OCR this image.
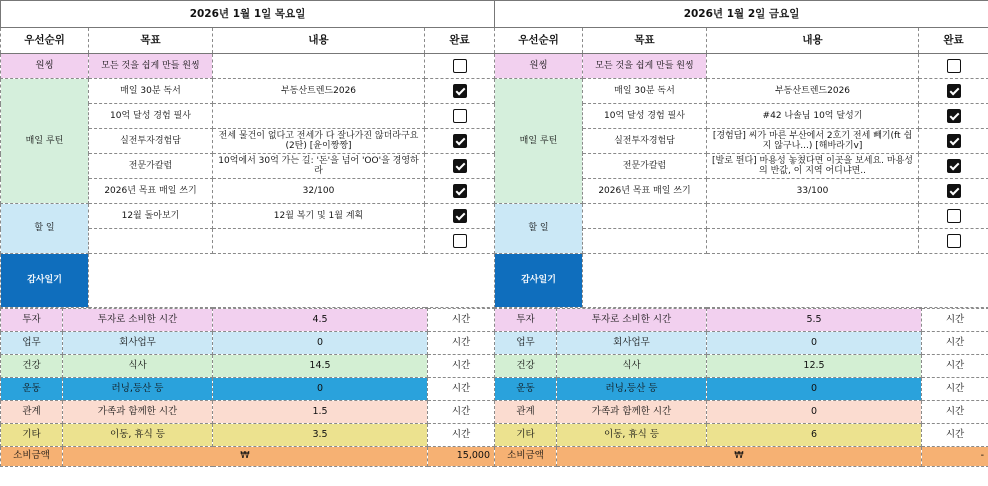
2026년 1월 1일 목요일			
우선순위	목표	내용	완료
원씽	모든 것을 쉽게 만들 원씽		
매일 루틴	매일 30분 독서	부동산트렌드2026	
	10억 달성 경험 필사		
	실전투자경험담	전세 물건이 없다고 전세가 다 잘나가진 않더라구요 (2탄) [윤이짱짱]	
	전문가칼럼	10억에서 30억 가는 길: '돈'을 넘어 'OO'을 경영하라	
	2026년 목표 매일 쓰기	32/100	
할 일	12월 돌아보기	12월 복기 및 1월 계획	

감사일기			
투자	투자로 소비한 시간	4.5	시간
업무	회사업무	0	시간
건강	식사	14.5	시간
운동	러닝,등산 등	0	시간
관계	가족과 함께한 시간	1.5	시간
기타	이동, 휴식 등	3.5	시간
소비금액	₩		15,000
2026년 1월 2일 금요일			
우선순위	목표	내용	완료
원씽	모든 것을 쉽게 만들 원씽		
매일 루틴	매일 30분 독서	부동산트렌드2026	
	10억 달성 경험 필사	#42 나솔님 10억 달성기	
	실전투자경험담	[경험담] 씨가 마른 부산에서 2호기 전세 빼기(ft 쉽지 않구나...) [해바라기v]	
	전문가칼럼	[발로 뛴다] 마용성 놓쳤다면 이곳을 보세요. 마용성의 반값, 이 지역 어디냐면..	
	2026년 목표 매일 쓰기	33/100	
할 일			

감사일기			
투자	투자로 소비한 시간	5.5	시간
업무	회사업무	0	시간
건강	식사	12.5	시간
운동	러닝,등산 등	0	시간
관계	가족과 함께한 시간	0	시간
기타	이동, 휴식 등	6	시간
소비금액	₩		-
